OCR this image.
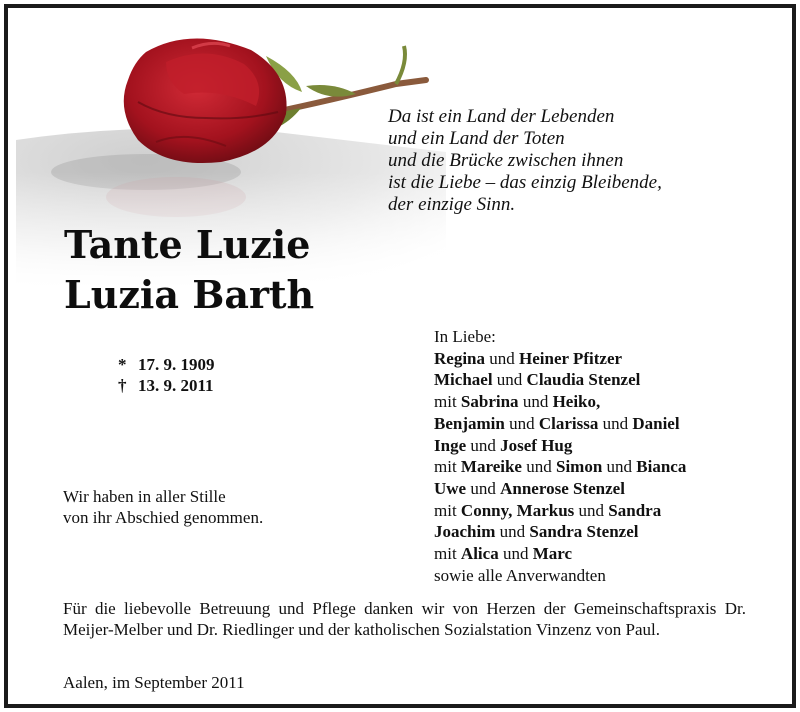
Da ist ein Land der Lebenden
und ein Land der Toten
und die Brücke zwischen ihnen
ist die Liebe – das einzig Bleibende,
der einzige Sinn.
Tante Luzie
Luzia Barth
* 17. 9. 1909
† 13. 9. 2011
Wir haben in aller Stille
von ihr Abschied genommen.
In Liebe:
Regina und Heiner Pfitzer
Michael und Claudia Stenzel
mit Sabrina und Heiko,
Benjamin und Clarissa und Daniel
Inge und Josef Hug
mit Mareike und Simon und Bianca
Uwe und Annerose Stenzel
mit Conny, Markus und Sandra
Joachim und Sandra Stenzel
mit Alica und Marc
sowie alle Anverwandten
Für die liebevolle Betreuung und Pflege danken wir von Herzen der Gemeinschaftspraxis Dr. Meijer-Melber und Dr. Riedlinger und der katholischen Sozialstation Vinzenz von Paul.
Aalen, im September 2011
